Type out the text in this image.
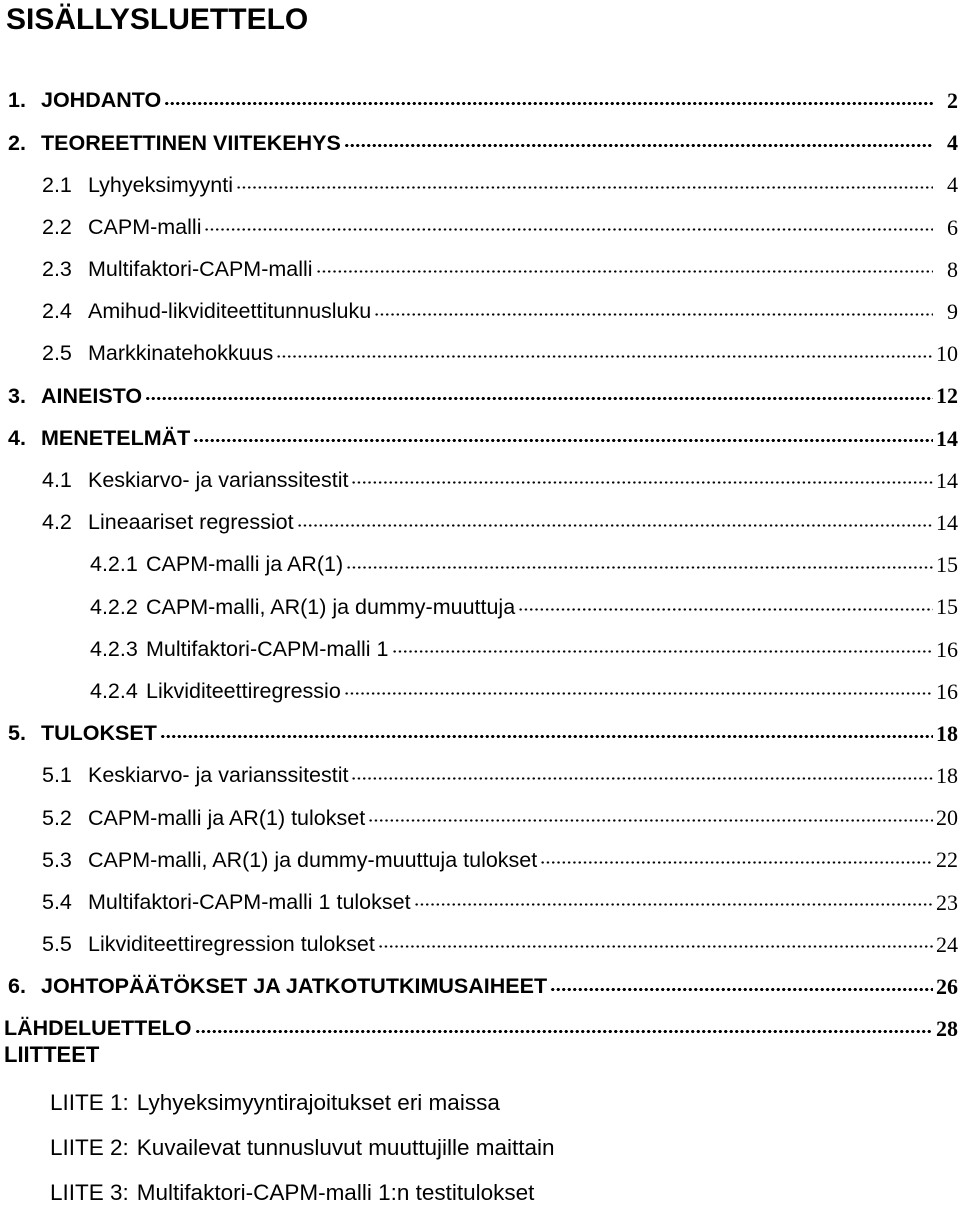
SISÄLLYSLUETTELO
1. JOHDANTO	2
2. TEOREETTINEN VIITEKEHYS	4
2.1 Lyhyeksimyynti	4
2.2 CAPM-malli	6
2.3 Multifaktori-CAPM-malli	8
2.4 Amihud-likviditeettitunnusluku	9
2.5 Markkinatehokkuus	10
3. AINEISTO	12
4. MENETELMÄT	14
4.1 Keskiarvo- ja varianssitestit	14
4.2 Lineaariset regressiot	14
4.2.1 CAPM-malli ja AR(1)	15
4.2.2 CAPM-malli, AR(1) ja dummy-muuttuja	15
4.2.3 Multifaktori-CAPM-malli 1	16
4.2.4 Likviditeettiregressio	16
5. TULOKSET	18
5.1 Keskiarvo- ja varianssitestit	18
5.2 CAPM-malli ja AR(1) tulokset	20
5.3 CAPM-malli, AR(1) ja dummy-muuttuja tulokset	22
5.4 Multifaktori-CAPM-malli 1 tulokset	23
5.5 Likviditeettiregression tulokset	24
6. JOHTOPÄÄTÖKSET JA JATKOTUTKIMUSAIHEET	26
LÄHDELUETTELO	28
LIITTEET
LIITE 1: Lyhyeksimyyntirajoitukset eri maissa
LIITE 2: Kuvailevat tunnusluvut muuttujille maittain
LIITE 3: Multifaktori-CAPM-malli 1:n testitulokset
